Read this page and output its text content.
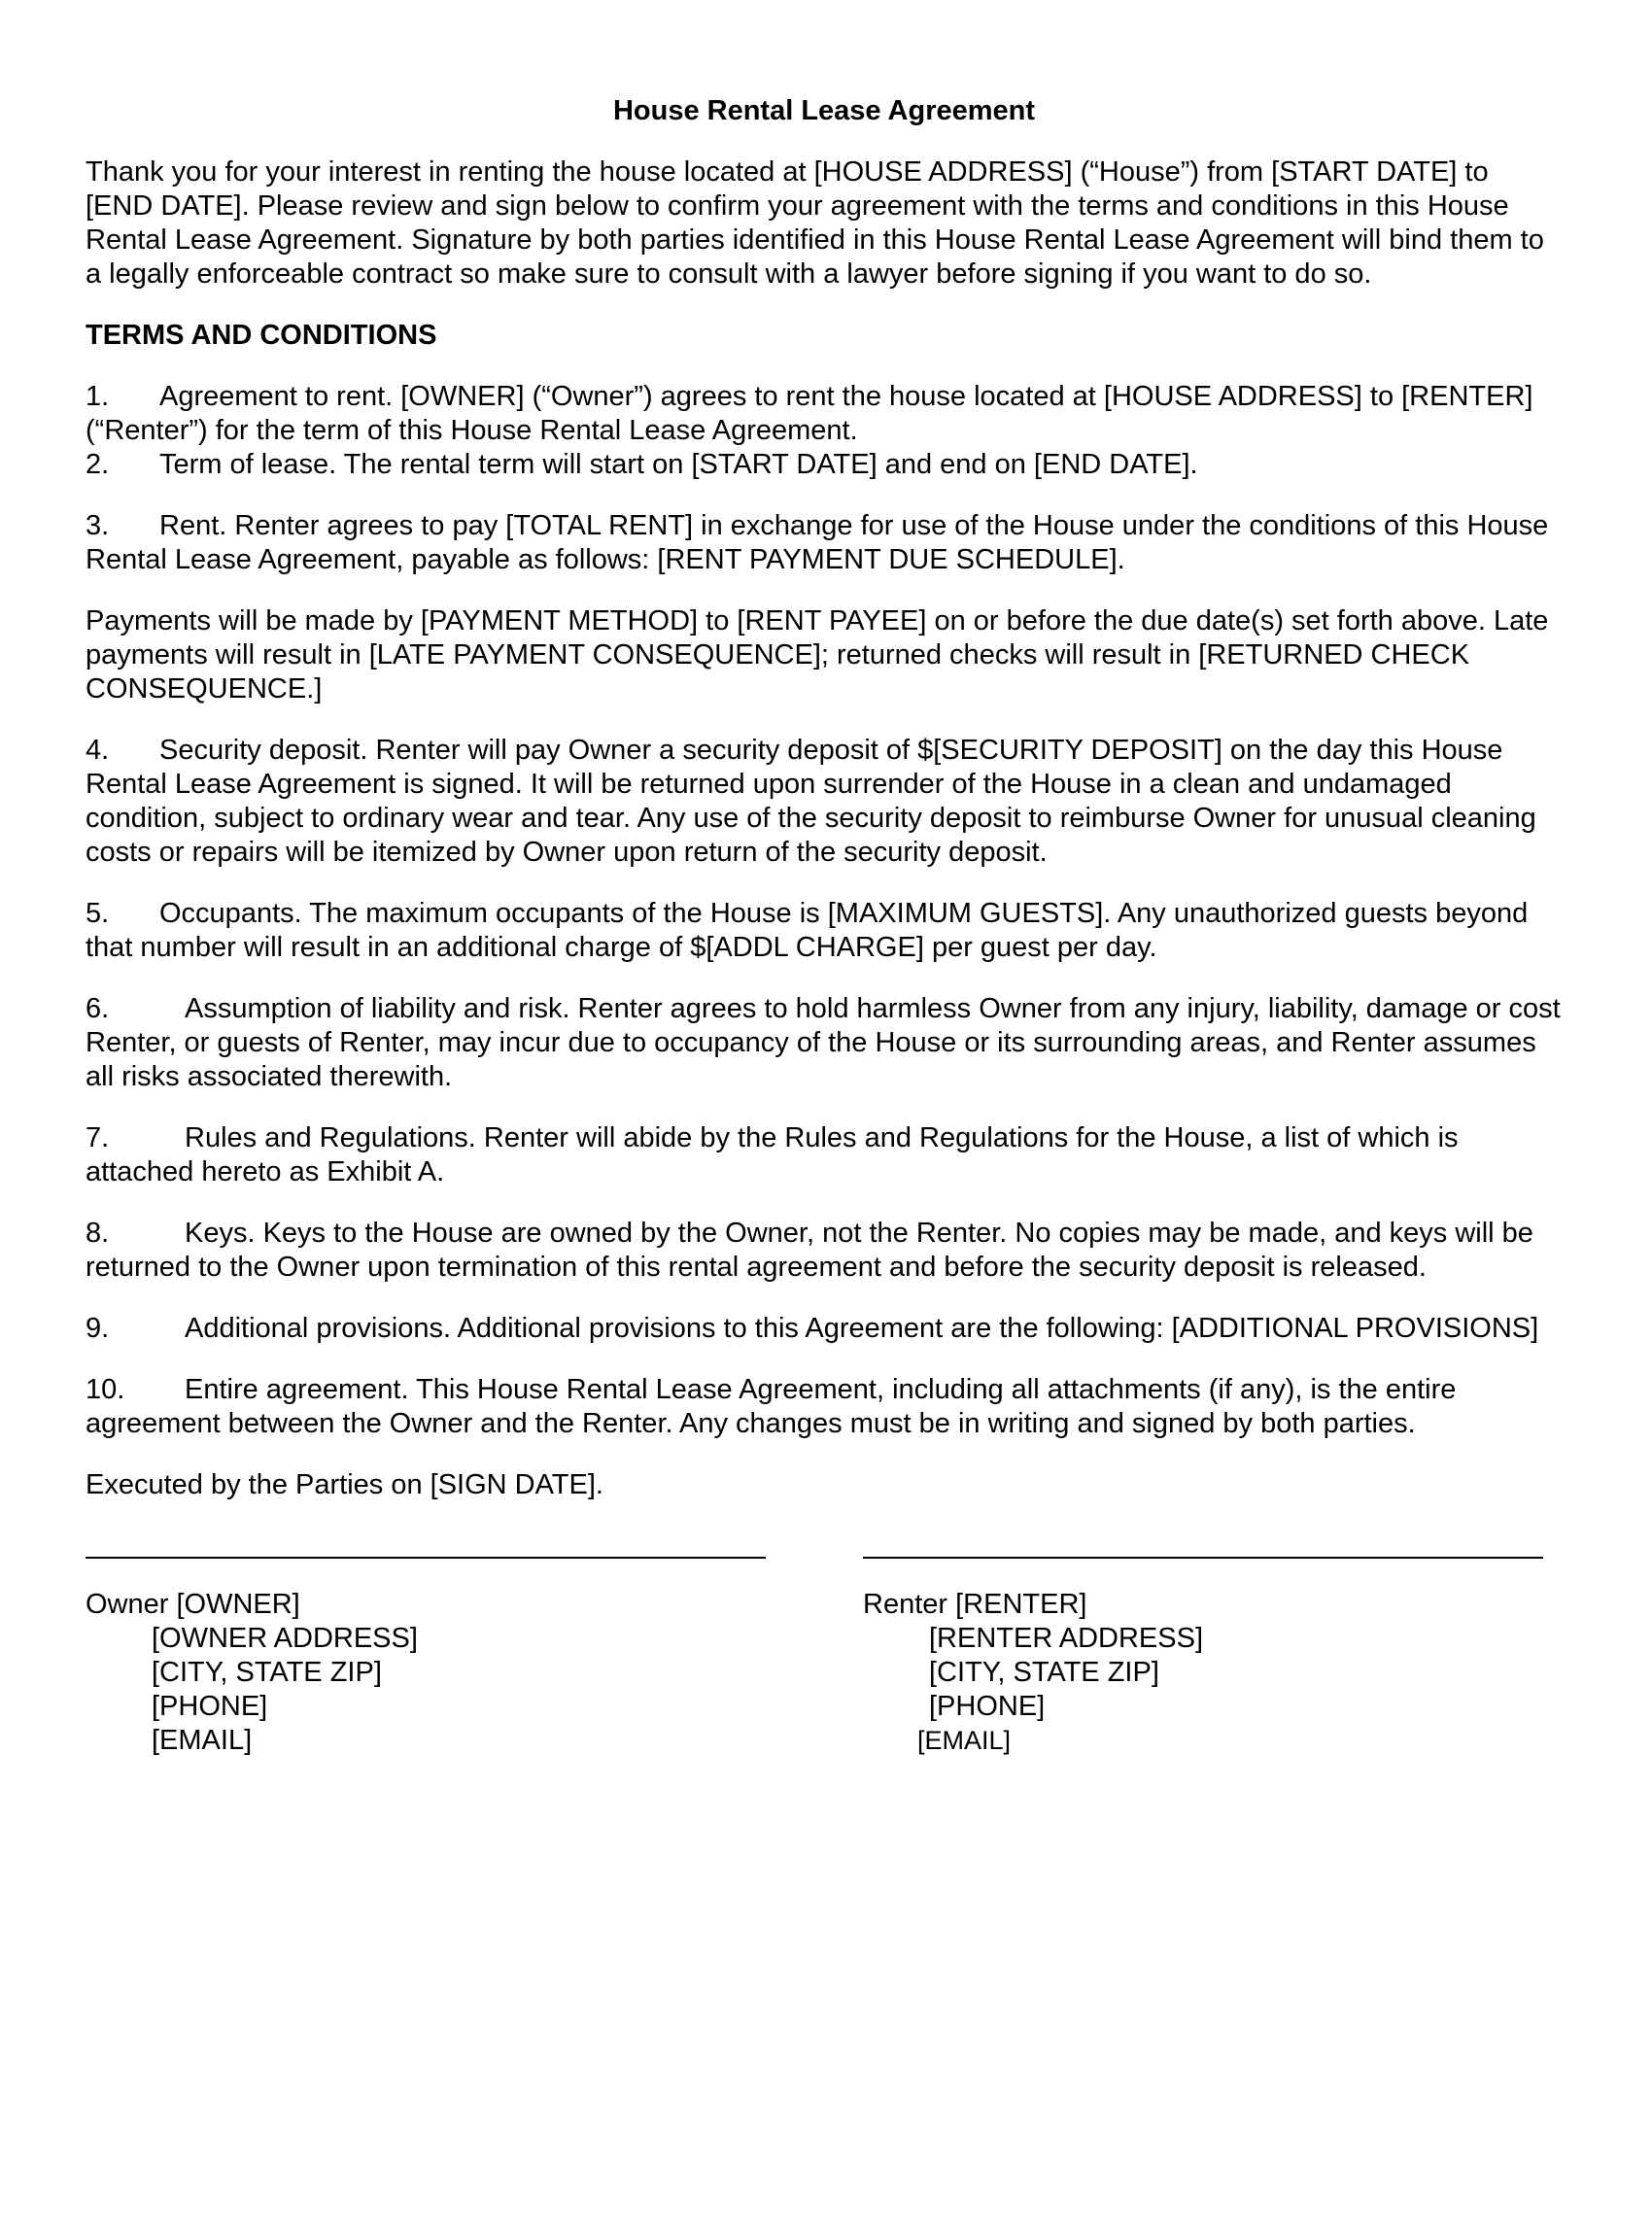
House Rental Lease Agreement

Thank you for your interest in renting the house located at [HOUSE ADDRESS] (“House”) from [START DATE] to [END DATE]. Please review and sign below to confirm your agreement with the terms and conditions in this House Rental Lease Agreement. Signature by both parties identified in this House Rental Lease Agreement will bind them to a legally enforceable contract so make sure to consult with a lawyer before signing if you want to do so.

TERMS AND CONDITIONS

1. Agreement to rent. [OWNER] (“Owner”) agrees to rent the house located at [HOUSE ADDRESS] to [RENTER] (“Renter”) for the term of this House Rental Lease Agreement.

2. Term of lease. The rental term will start on [START DATE] and end on [END DATE].

3. Rent. Renter agrees to pay [TOTAL RENT] in exchange for use of the House under the conditions of this House Rental Lease Agreement, payable as follows: [RENT PAYMENT DUE SCHEDULE].

Payments will be made by [PAYMENT METHOD] to [RENT PAYEE] on or before the due date(s) set forth above. Late payments will result in [LATE PAYMENT CONSEQUENCE]; returned checks will result in [RETURNED CHECK CONSEQUENCE.]

4. Security deposit. Renter will pay Owner a security deposit of $[SECURITY DEPOSIT] on the day this House Rental Lease Agreement is signed. It will be returned upon surrender of the House in a clean and undamaged condition, subject to ordinary wear and tear. Any use of the security deposit to reimburse Owner for unusual cleaning costs or repairs will be itemized by Owner upon return of the security deposit.

5. Occupants. The maximum occupants of the House is [MAXIMUM GUESTS]. Any unauthorized guests beyond that number will result in an additional charge of $[ADDL CHARGE] per guest per day.

6.	Assumption of liability and risk. Renter agrees to hold harmless Owner from any injury, liability, damage or cost Renter, or guests of Renter, may incur due to occupancy of the House or its surrounding areas, and Renter assumes all risks associated therewith.

7.	Rules and Regulations. Renter will abide by the Rules and Regulations for the House, a list of which is attached hereto as Exhibit A.

8.	Keys. Keys to the House are owned by the Owner, not the Renter. No copies may be made, and keys will be returned to the Owner upon termination of this rental agreement and before the security deposit is released.

9.	Additional provisions. Additional provisions to this Agreement are the following: [ADDITIONAL PROVISIONS]

10. Entire agreement. This House Rental Lease Agreement, including all attachments (if any), is the entire agreement between the Owner and the Renter. Any changes must be in writing and signed by both parties.

Executed by the Parties on [SIGN DATE].

Owner [OWNER]
[OWNER ADDRESS]
[CITY, STATE ZIP]
[PHONE]
[EMAIL]
Renter [RENTER]
[RENTER ADDRESS]
[CITY, STATE ZIP]
[PHONE]
[EMAIL]
